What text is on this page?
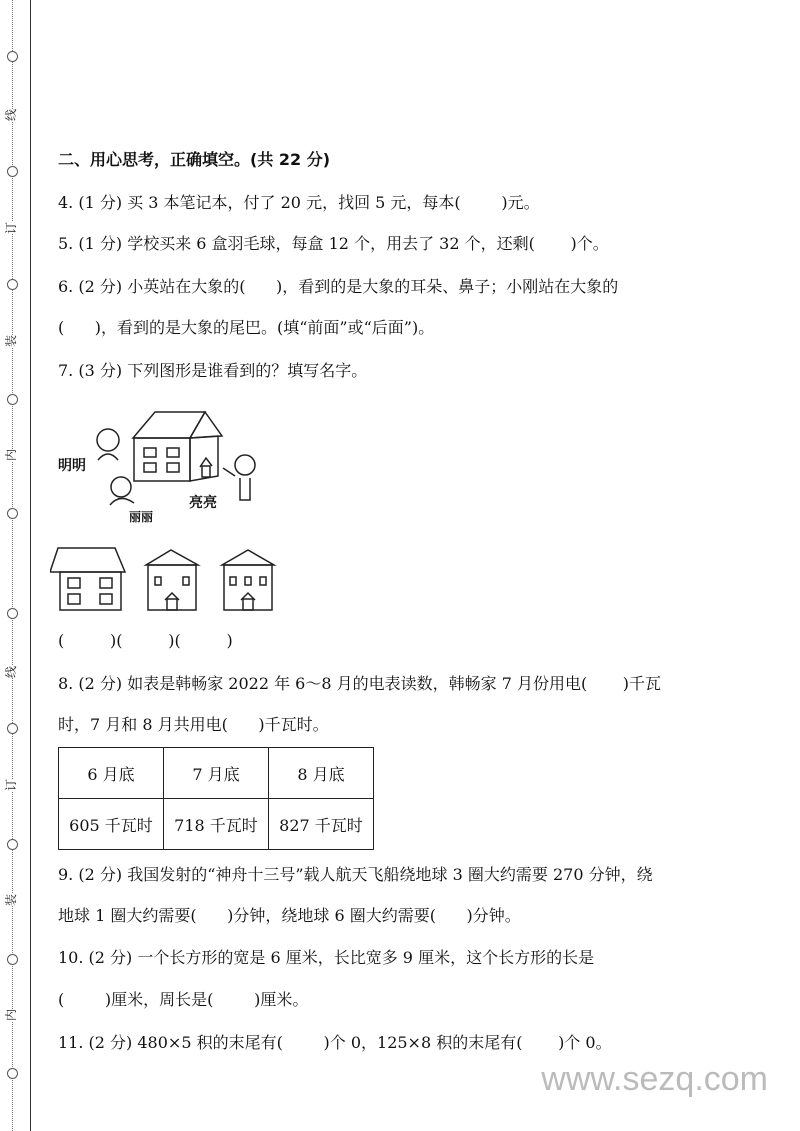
线
订
装
内
线
订
装
内
二、用心思考，正确填空。(共 22 分)
4. (1 分) 买 3 本笔记本，付了 20 元，找回 5 元，每本(        )元。
5. (1 分) 学校买来 6 盒羽毛球，每盒 12 个，用去了 32 个，还剩(       )个。
6. (2 分) 小英站在大象的(      )，看到的是大象的耳朵、鼻子；小刚站在大象的
(      )，看到的是大象的尾巴。(填“前面”或“后面”)。
7. (3 分) 下列图形是谁看到的？填写名字。
明明
丽丽
亮亮
(         )(         )(         )
8. (2 分) 如表是韩畅家 2022 年 6～8 月的电表读数，韩畅家 7 月份用电(       )千瓦
时，7 月和 8 月共用电(      )千瓦时。
6 月底	7 月底	8 月底
605 千瓦时	718 千瓦时	827 千瓦时
9. (2 分) 我国发射的“神舟十三号”载人航天飞船绕地球 3 圈大约需要 270 分钟，绕
地球 1 圈大约需要(      )分钟，绕地球 6 圈大约需要(      )分钟。
10. (2 分) 一个长方形的宽是 6 厘米，长比宽多 9 厘米，这个长方形的长是
(        )厘米，周长是(        )厘米。
11. (2 分) 480×5 积的末尾有(        )个 0，125×8 积的末尾有(       )个 0。
www.sezq.com
